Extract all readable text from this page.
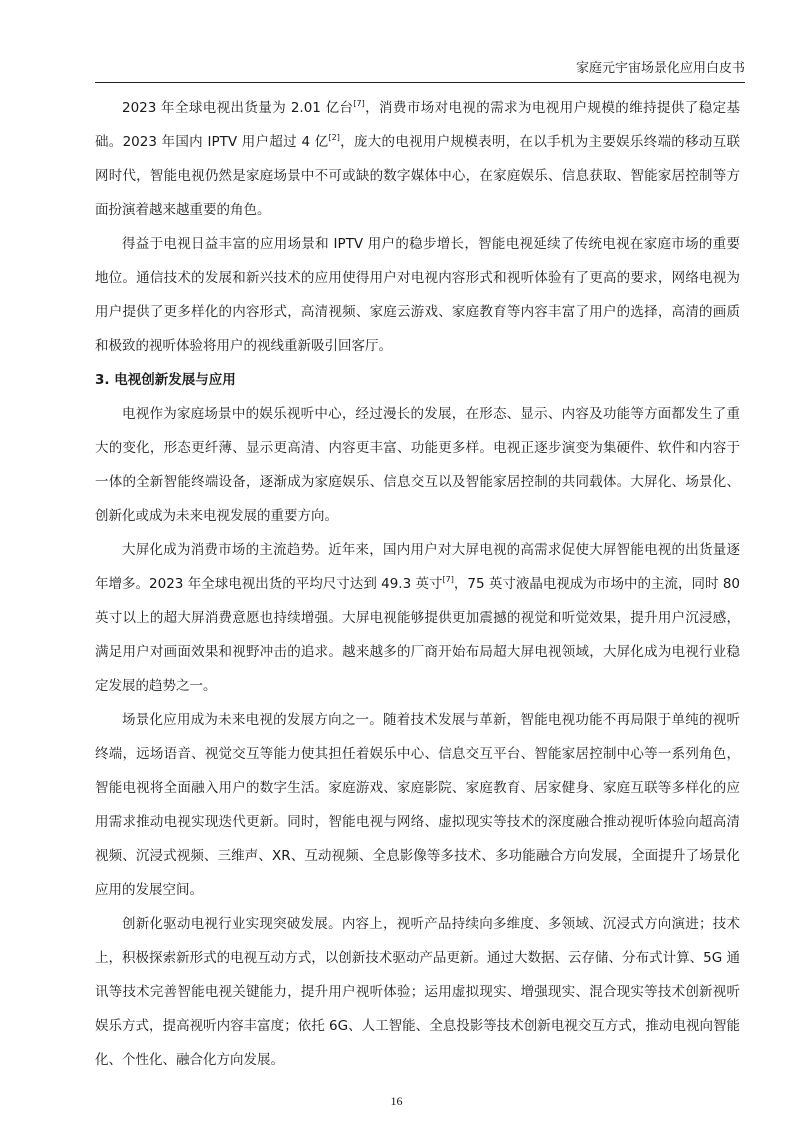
家庭元宇宙场景化应用白皮书

2023 年全球电视出货量为 2.01 亿台[7]，消费市场对电视的需求为电视用户规模的维持提供了稳定基础。2023 年国内 IPTV 用户超过 4 亿[2]，庞大的电视用户规模表明，在以手机为主要娱乐终端的移动互联网时代，智能电视仍然是家庭场景中不可或缺的数字媒体中心，在家庭娱乐、信息获取、智能家居控制等方面扮演着越来越重要的角色。

得益于电视日益丰富的应用场景和 IPTV 用户的稳步增长，智能电视延续了传统电视在家庭市场的重要地位。通信技术的发展和新兴技术的应用使得用户对电视内容形式和视听体验有了更高的要求，网络电视为用户提供了更多样化的内容形式，高清视频、家庭云游戏、家庭教育等内容丰富了用户的选择，高清的画质和极致的视听体验将用户的视线重新吸引回客厅。

3. 电视创新发展与应用

电视作为家庭场景中的娱乐视听中心，经过漫长的发展，在形态、显示、内容及功能等方面都发生了重大的变化，形态更纤薄、显示更高清、内容更丰富、功能更多样。电视正逐步演变为集硬件、软件和内容于一体的全新智能终端设备，逐渐成为家庭娱乐、信息交互以及智能家居控制的共同载体。大屏化、场景化、创新化或成为未来电视发展的重要方向。

大屏化成为消费市场的主流趋势。近年来，国内用户对大屏电视的高需求促使大屏智能电视的出货量逐年增多。2023 年全球电视出货的平均尺寸达到 49.3 英寸[7]，75 英寸液晶电视成为市场中的主流，同时 80 英寸以上的超大屏消费意愿也持续增强。大屏电视能够提供更加震撼的视觉和听觉效果，提升用户沉浸感，满足用户对画面效果和视野冲击的追求。越来越多的厂商开始布局超大屏电视领域，大屏化成为电视行业稳定发展的趋势之一。

场景化应用成为未来电视的发展方向之一。随着技术发展与革新，智能电视功能不再局限于单纯的视听终端，远场语音、视觉交互等能力使其担任着娱乐中心、信息交互平台、智能家居控制中心等一系列角色，智能电视将全面融入用户的数字生活。家庭游戏、家庭影院、家庭教育、居家健身、家庭互联等多样化的应用需求推动电视实现迭代更新。同时，智能电视与网络、虚拟现实等技术的深度融合推动视听体验向超高清视频、沉浸式视频、三维声、XR、互动视频、全息影像等多技术、多功能融合方向发展，全面提升了场景化应用的发展空间。

创新化驱动电视行业实现突破发展。内容上，视听产品持续向多维度、多领域、沉浸式方向演进；技术上，积极探索新形式的电视互动方式，以创新技术驱动产品更新。通过大数据、云存储、分布式计算、5G 通讯等技术完善智能电视关键能力，提升用户视听体验；运用虚拟现实、增强现实、混合现实等技术创新视听娱乐方式，提高视听内容丰富度；依托 6G、人工智能、全息投影等技术创新电视交互方式，推动电视向智能化、个性化、融合化方向发展。

16
